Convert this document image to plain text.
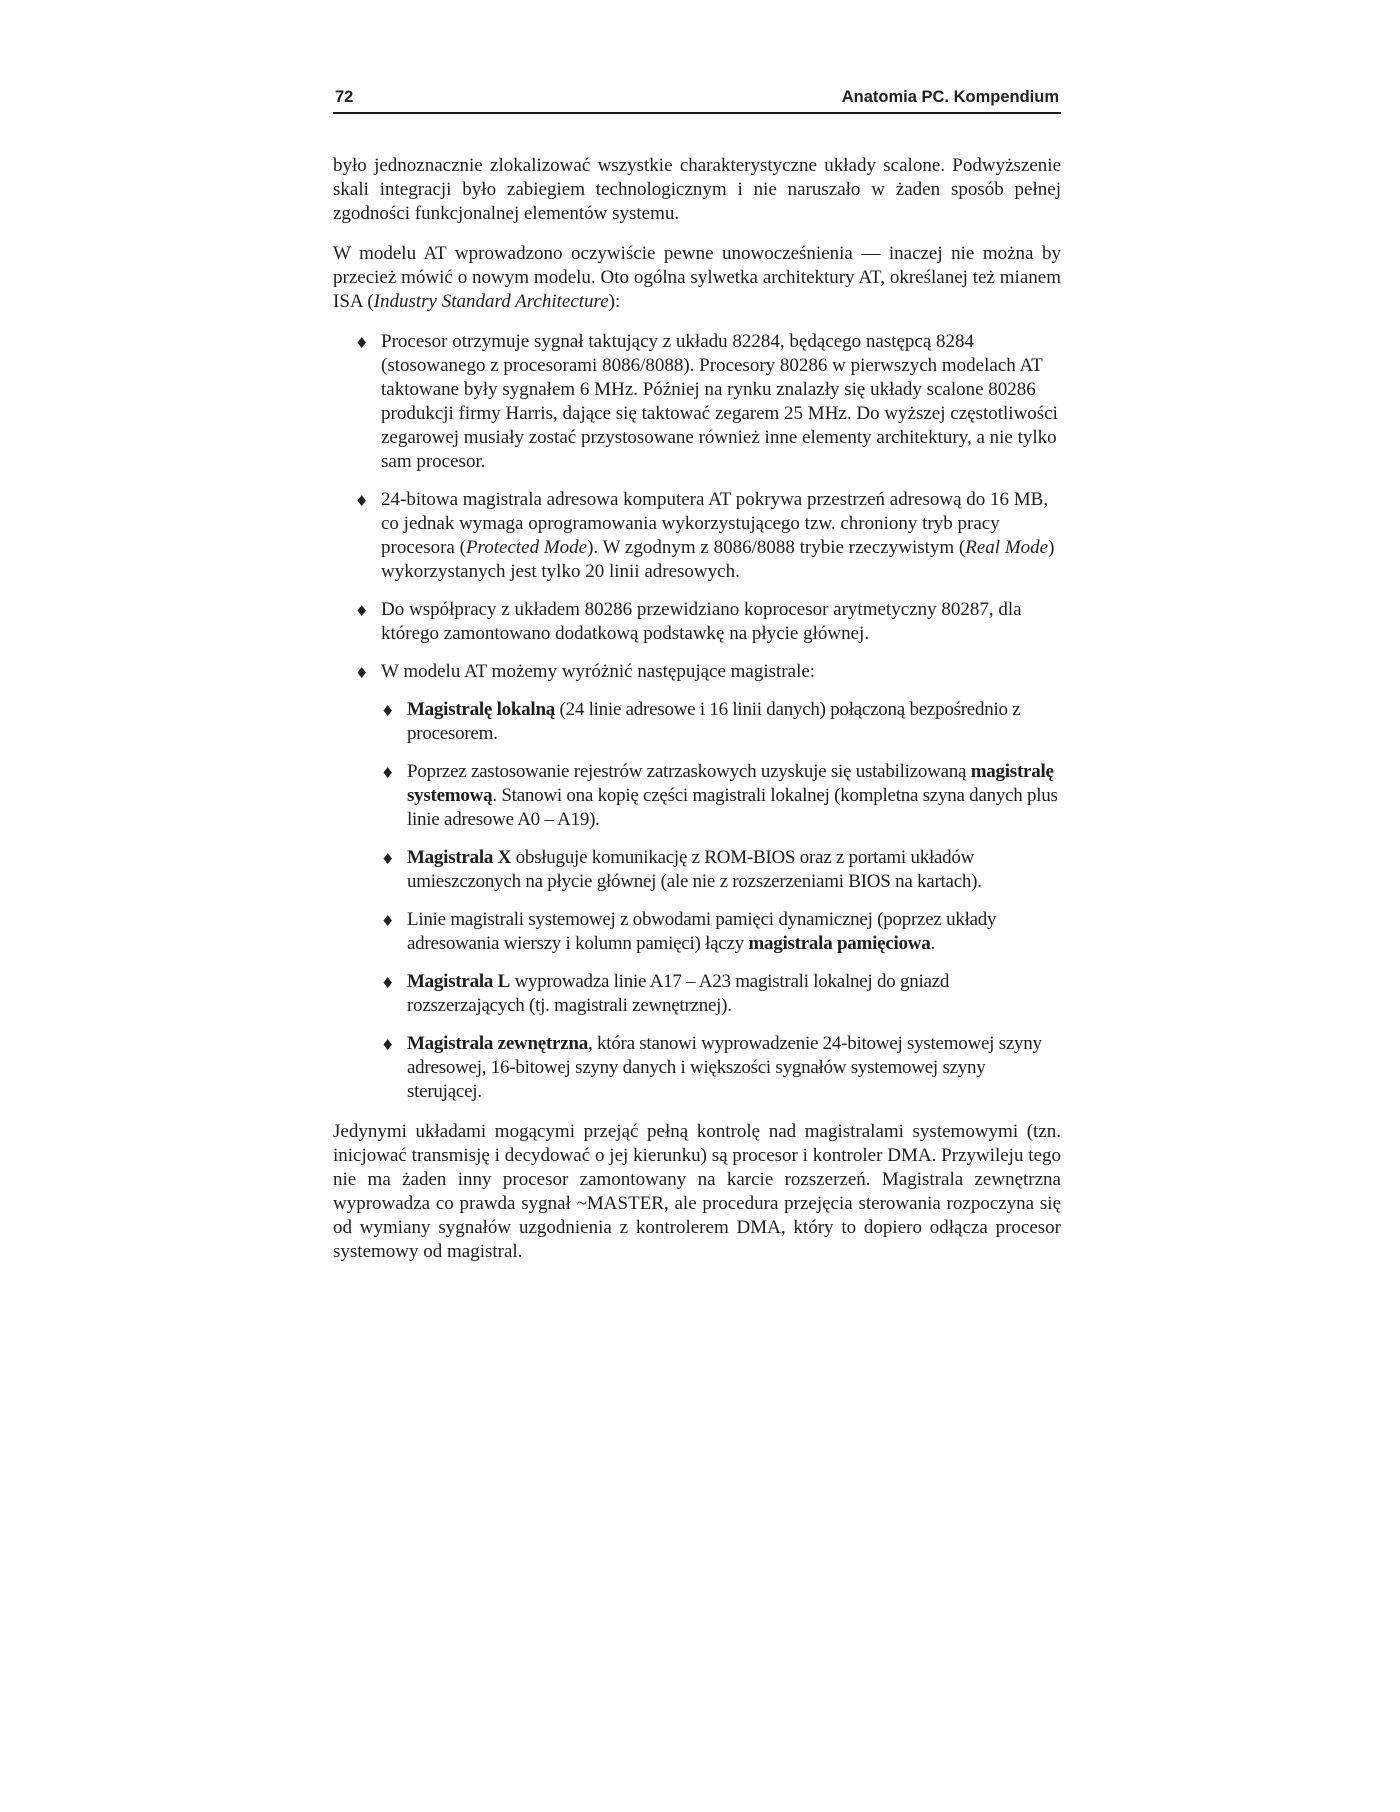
72	Anatomia PC. Kompendium

było jednoznacznie zlokalizować wszystkie charakterystyczne układy scalone. Podwyższenie skali integracji było zabiegiem technologicznym i nie naruszało w żaden sposób pełnej zgodności funkcjonalnej elementów systemu.

W modelu AT wprowadzono oczywiście pewne unowocześnienia — inaczej nie można by przecież mówić o nowym modelu. Oto ogólna sylwetka architektury AT, określanej też mianem ISA (Industry Standard Architecture):

♦ Procesor otrzymuje sygnał taktujący z układu 82284, będącego następcą 8284 (stosowanego z procesorami 8086/8088). Procesory 80286 w pierwszych modelach AT taktowane były sygnałem 6 MHz. Później na rynku znalazły się układy scalone 80286 produkcji firmy Harris, dające się taktować zegarem 25 MHz. Do wyższej częstotliwości zegarowej musiały zostać przystosowane również inne elementy architektury, a nie tylko sam procesor.
♦ 24-bitowa magistrala adresowa komputera AT pokrywa przestrzeń adresową do 16 MB, co jednak wymaga oprogramowania wykorzystującego tzw. chroniony tryb pracy procesora (Protected Mode). W zgodnym z 8086/8088 trybie rzeczywistym (Real Mode) wykorzystanych jest tylko 20 linii adresowych.
♦ Do współpracy z układem 80286 przewidziano koprocesor arytmetyczny 80287, dla którego zamontowano dodatkową podstawkę na płycie głównej.
♦ W modelu AT możemy wyróżnić następujące magistrale:
♦ Magistralę lokalną (24 linie adresowe i 16 linii danych) połączoną bezpośrednio z procesorem.
♦ Poprzez zastosowanie rejestrów zatrzaskowych uzyskuje się ustabilizowaną magistralę systemową. Stanowi ona kopię części magistrali lokalnej (kompletna szyna danych plus linie adresowe A0 – A19).
♦ Magistrala X obsługuje komunikację z ROM-BIOS oraz z portami układów umieszczonych na płycie głównej (ale nie z rozszerzeniami BIOS na kartach).
♦ Linie magistrali systemowej z obwodami pamięci dynamicznej (poprzez układy adresowania wierszy i kolumn pamięci) łączy magistrala pamięciowa.
♦ Magistrala L wyprowadza linie A17 – A23 magistrali lokalnej do gniazd rozszerzających (tj. magistrali zewnętrznej).
♦ Magistrala zewnętrzna, która stanowi wyprowadzenie 24-bitowej systemowej szyny adresowej, 16-bitowej szyny danych i większości sygnałów systemowej szyny sterującej.

Jedynymi układami mogącymi przejąć pełną kontrolę nad magistralami systemowymi (tzn. inicjować transmisję i decydować o jej kierunku) są procesor i kontroler DMA. Przywileju tego nie ma żaden inny procesor zamontowany na karcie rozszerzeń. Magistrala zewnętrzna wyprowadza co prawda sygnał ~MASTER, ale procedura przejęcia sterowania rozpoczyna się od wymiany sygnałów uzgodnienia z kontrolerem DMA, który to dopiero odłącza procesor systemowy od magistral.
